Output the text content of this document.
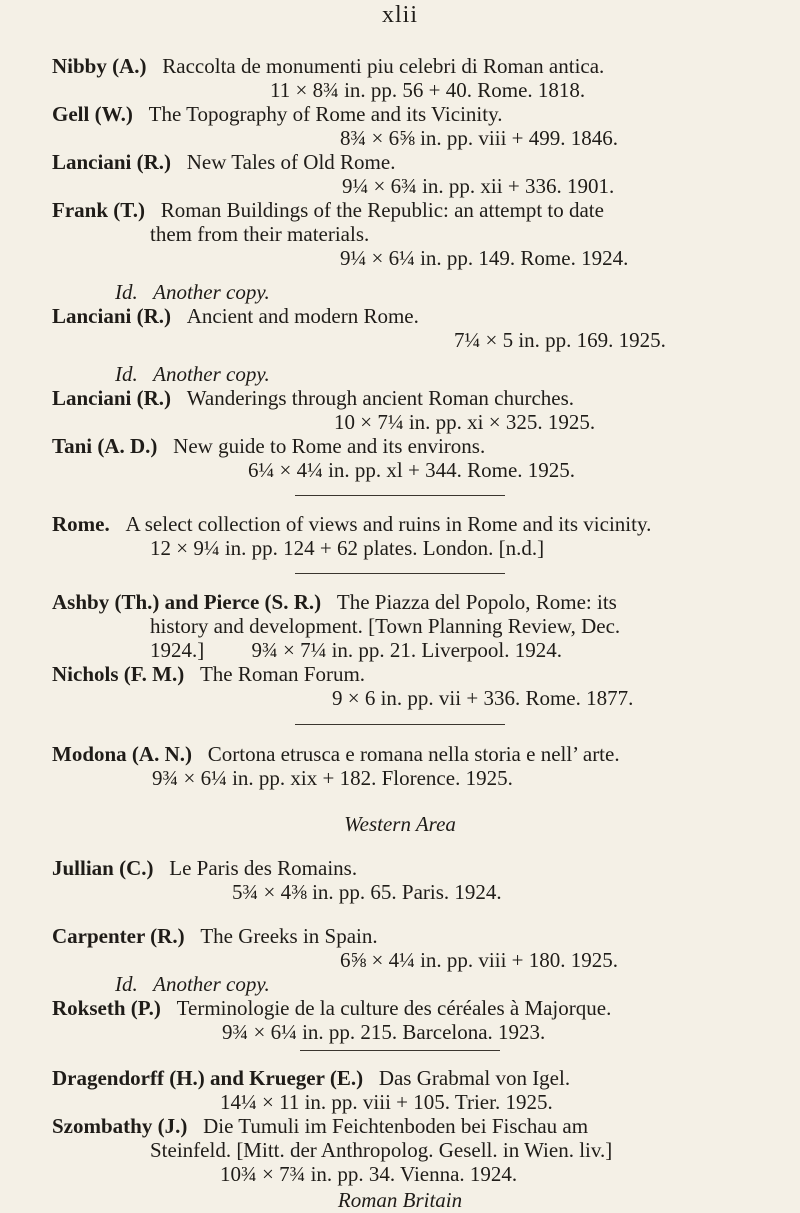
xlii
Nibby (A.) Raccolta de monumenti piu celebri di Roman antica.
11 × 8¾ in. pp. 56 + 40. Rome. 1818.
Gell (W.) The Topography of Rome and its Vicinity.
8¾ × 6⅝ in. pp. viii + 499. 1846.
Lanciani (R.) New Tales of Old Rome.
9¼ × 6¾ in. pp. xii + 336. 1901.
Frank (T.) Roman Buildings of the Republic: an attempt to date
them from their materials.
9¼ × 6¼ in. pp. 149. Rome. 1924.
Id.   Another copy.
Lanciani (R.) Ancient and modern Rome.
7¼ × 5 in. pp. 169. 1925.
Id.   Another copy.
Lanciani (R.) Wanderings through ancient Roman churches.
10 × 7¼ in. pp. xi × 325. 1925.
Tani (A. D.) New guide to Rome and its environs.
6¼ × 4¼ in. pp. xl + 344. Rome. 1925.
Rome. A select collection of views and ruins in Rome and its vicinity.
12 × 9¼ in. pp. 124 + 62 plates. London. [n.d.]
Ashby (Th.) and Pierce (S. R.) The Piazza del Popolo, Rome: its
history and development. [Town Planning Review, Dec.
1924.] 9¾ × 7¼ in. pp. 21. Liverpool. 1924.
Nichols (F. M.) The Roman Forum.
9 × 6 in. pp. vii + 336. Rome. 1877.
Modona (A. N.) Cortona etrusca e romana nella storia e nell’ arte.
9¾ × 6¼ in. pp. xix + 182. Florence. 1925.
Western Area
Jullian (C.) Le Paris des Romains.
5¾ × 4⅜ in. pp. 65. Paris. 1924.
Carpenter (R.) The Greeks in Spain.
6⅝ × 4¼ in. pp. viii + 180. 1925.
Id.   Another copy.
Rokseth (P.) Terminologie de la culture des céréales à Majorque.
9¾ × 6¼ in. pp. 215. Barcelona. 1923.
Dragendorff (H.) and Krueger (E.) Das Grabmal von Igel.
14¼ × 11 in. pp. viii + 105. Trier. 1925.
Szombathy (J.) Die Tumuli im Feichtenboden bei Fischau am
Steinfeld. [Mitt. der Anthropolog. Gesell. in Wien. liv.]
10¾ × 7¾ in. pp. 34. Vienna. 1924.
Roman Britain
